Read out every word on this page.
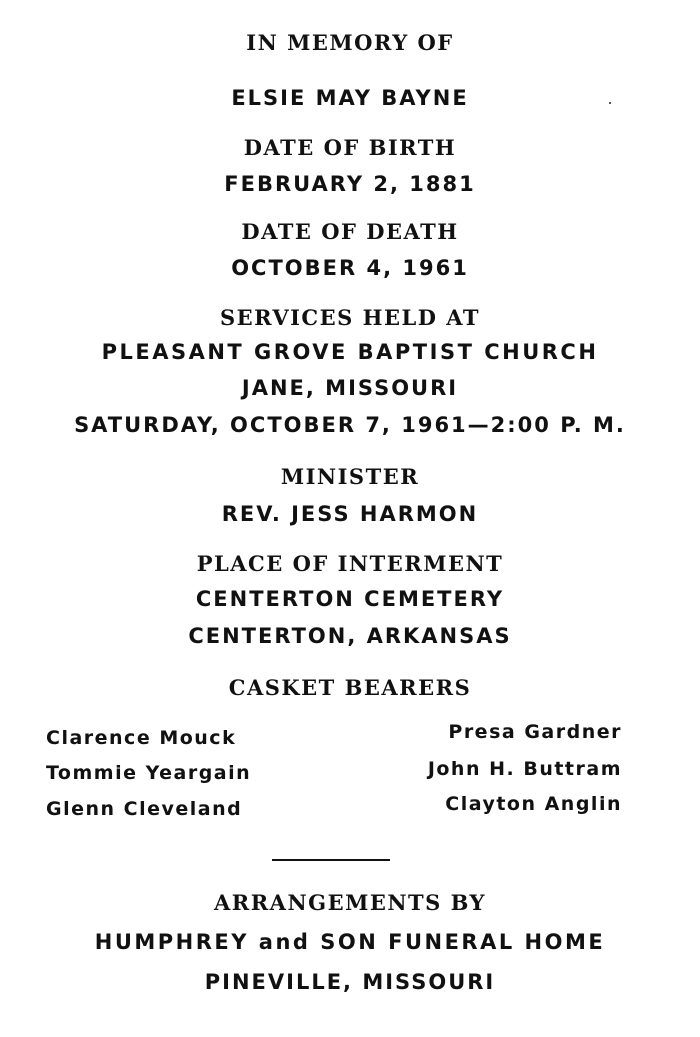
IN MEMORY OF
ELSIE MAY BAYNE
DATE OF BIRTH
FEBRUARY 2, 1881
DATE OF DEATH
OCTOBER 4, 1961
SERVICES HELD AT
PLEASANT GROVE BAPTIST CHURCH
JANE, MISSOURI
SATURDAY, OCTOBER 7, 1961—2:00 P. M.
MINISTER
REV. JESS HARMON
PLACE OF INTERMENT
CENTERTON CEMETERY
CENTERTON, ARKANSAS
CASKET BEARERS
Clarence Mouck
Tommie Yeargain
Glenn Cleveland
Presa Gardner
John H. Buttram
Clayton Anglin
ARRANGEMENTS BY
HUMPHREY and SON FUNERAL HOME
PINEVILLE, MISSOURI
